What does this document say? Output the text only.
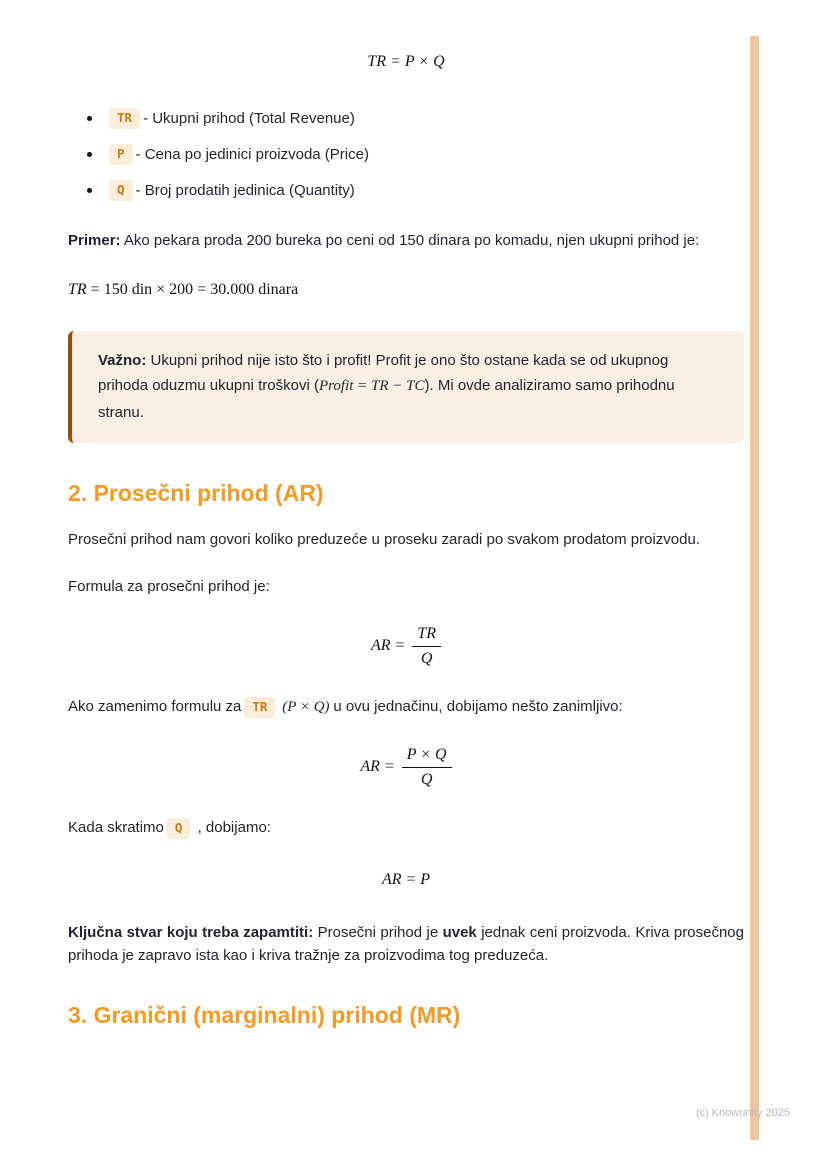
TR = P × Q
TR - Ukupni prihod (Total Revenue)
P - Cena po jedinici proizvoda (Price)
Q - Broj prodatih jedinica (Quantity)

Primer: Ako pekara proda 200 bureka po ceni od 150 dinara po komadu, njen ukupni prihod je:

TR = 150 din × 200 = 30.000 dinara
Važno: Ukupni prihod nije isto što i profit! Profit je ono što ostane kada se od ukupnog prihoda oduzmu ukupni troškovi (Profit = TR − TC). Mi ovde analiziramo samo prihodnu stranu.
2. Prosečni prihod (AR)

Prosečni prihod nam govori koliko preduzeće u proseku zaradi po svakom prodatom proizvodu.

Formula za prosečni prihod je:

AR = $\frac{TR}{Q}$

Ako zamenimo formulu za TR (P × Q) u ovu jednačinu, dobijamo nešto zanimljivo:

AR = $\frac{P \times Q}{Q}$

Kada skratimo Q , dobijamo:

AR = P

Ključna stvar koju treba zapamtiti: Prosečni prihod je uvek jednak ceni proizvoda. Kriva prosečnog prihoda je zapravo ista kao i kriva tražnje za proizvodima tog preduzeća.

3. Granični (marginalni) prihod (MR)
(c) Knowunity 2025
